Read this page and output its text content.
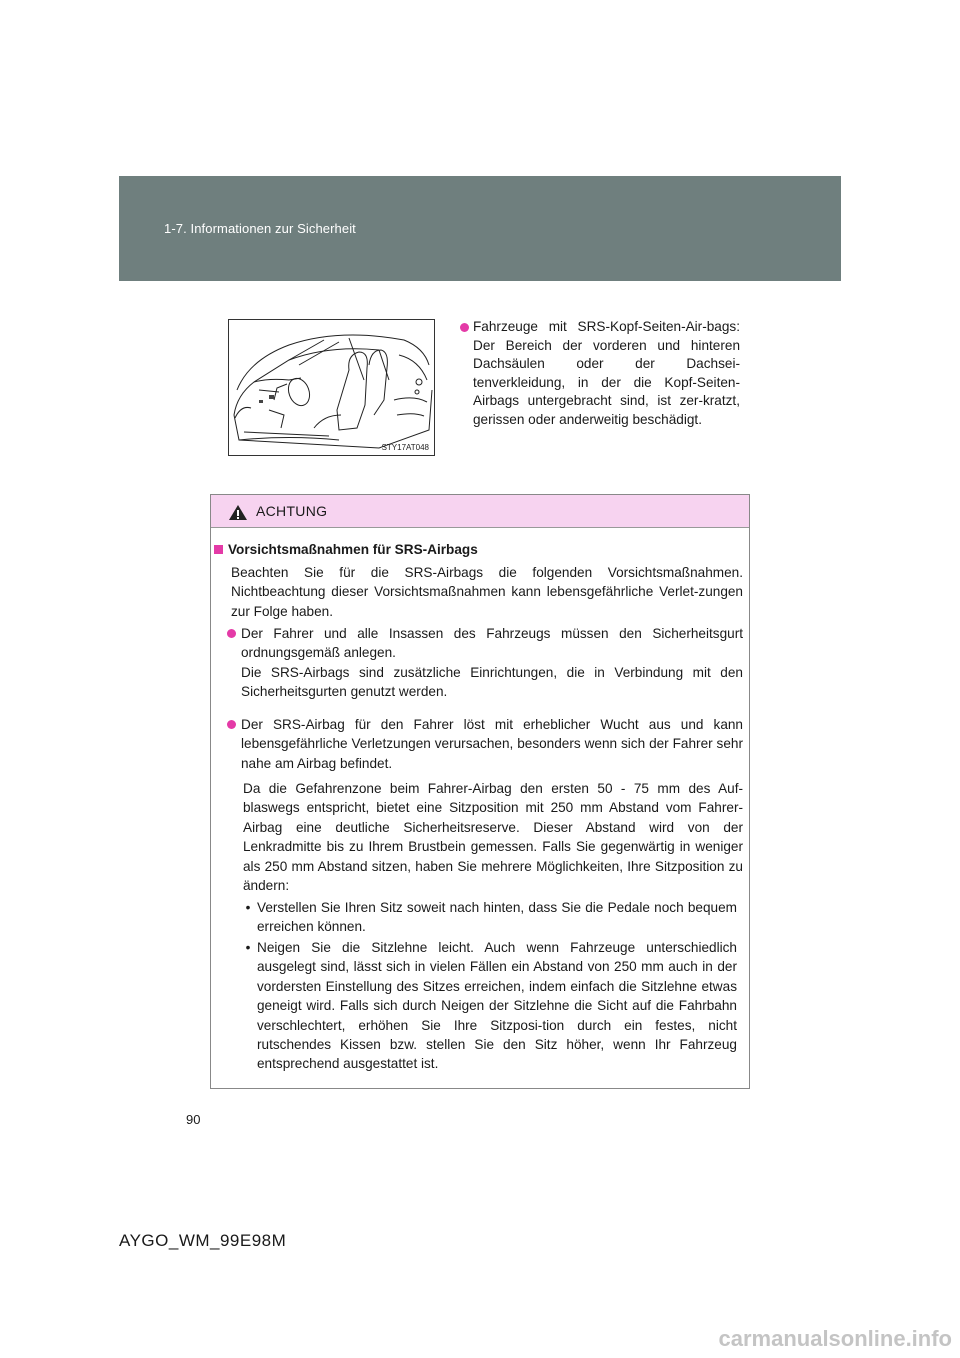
1-7. Informationen zur Sicherheit
STY17AT048
Fahrzeuge mit SRS-Kopf-Seiten-Air-bags: Der Bereich der vorderen und hinteren Dachsäulen oder der Dachsei-tenverkleidung, in der die Kopf-Seiten-Airbags untergebracht sind, ist zer-kratzt, gerissen oder anderweitig beschädigt.
ACHTUNG
Vorsichtsmaßnahmen für SRS-Airbags
Beachten Sie für die SRS-Airbags die folgenden Vorsichtsmaßnahmen. Nichtbeachtung dieser Vorsichtsmaßnahmen kann lebensgefährliche Verlet-zungen zur Folge haben.
Der Fahrer und alle Insassen des Fahrzeugs müssen den Sicherheitsgurt ordnungsgemäß anlegen.
Die SRS-Airbags sind zusätzliche Einrichtungen, die in Verbindung mit den Sicherheitsgurten genutzt werden.
Der SRS-Airbag für den Fahrer löst mit erheblicher Wucht aus und kann lebensgefährliche Verletzungen verursachen, besonders wenn sich der Fahrer sehr nahe am Airbag befindet.
Da die Gefahrenzone beim Fahrer-Airbag den ersten 50 - 75 mm des Auf-blaswegs entspricht, bietet eine Sitzposition mit 250 mm Abstand vom Fahrer-Airbag eine deutliche Sicherheitsreserve. Dieser Abstand wird von der Lenkradmitte bis zu Ihrem Brustbein gemessen. Falls Sie gegenwärtig in weniger als 250 mm Abstand sitzen, haben Sie mehrere Möglichkeiten, Ihre Sitzposition zu ändern:
• Verstellen Sie Ihren Sitz soweit nach hinten, dass Sie die Pedale noch bequem erreichen können.
• Neigen Sie die Sitzlehne leicht. Auch wenn Fahrzeuge unterschiedlich ausgelegt sind, lässt sich in vielen Fällen ein Abstand von 250 mm auch in der vordersten Einstellung des Sitzes erreichen, indem einfach die Sitzlehne etwas geneigt wird. Falls sich durch Neigen der Sitzlehne die Sicht auf die Fahrbahn verschlechtert, erhöhen Sie Ihre Sitzposi-tion durch ein festes, nicht rutschendes Kissen bzw. stellen Sie den Sitz höher, wenn Ihr Fahrzeug entsprechend ausgestattet ist.
90
AYGO_WM_99E98M
carmanualsonline.info
